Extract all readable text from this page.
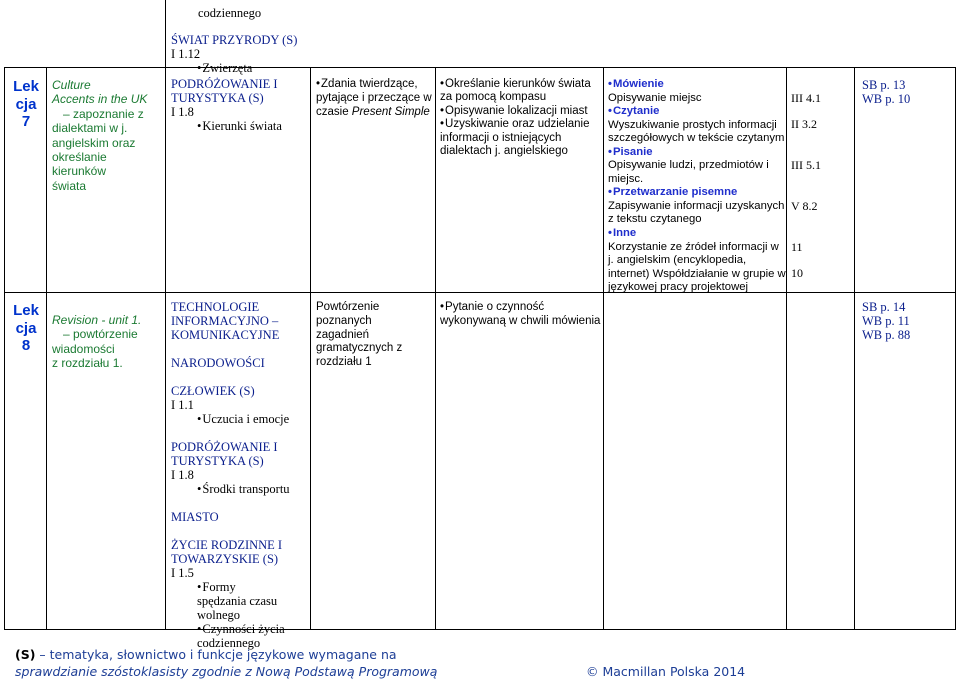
codziennego
ŚWIAT PRZYRODY (S)
I 1.12
• Zwierzęta
Lek
cja
7
Culture
Accents in the UK
– zapoznanie z
dialektami w j.
angielskim oraz
określanie kierunków
świata
PODRÓŻOWANIE I TURYSTYKA (S)
I 1.8
• Kierunki świata
• Zdania twierdzące,
pytające i przeczące w
czasie Present Simple
• Określanie kierunków świata za pomocą kompasu
• Opisywanie lokalizacji miast
• Uzyskiwanie oraz udzielanie informacji o istniejących dialektach j. angielskiego
• Mówienie
Opisywanie miejsc
• Czytanie
Wyszukiwanie prostych informacji szczegółowych w tekście czytanym
• Pisanie
Opisywanie ludzi, przedmiotów i miejsc.
• Przetwarzanie pisemne
Zapisywanie informacji uzyskanych z tekstu czytanego
• Inne
Korzystanie ze źródeł informacji w j. angielskim (encyklopedia, internet) Współdziałanie w grupie w językowej pracy projektowej
III 4.1
II 3.2
III 5.1
V 8.2
11
10
SB p. 13
WB p. 10
Lek
cja
8
Revision - unit 1.
– powtórzenie
wiadomości
z rozdziału 1.
TECHNOLOGIE INFORMACYJNO – KOMUNIKACYJNE
NARODOWOŚCI
CZŁOWIEK (S)
I 1.1
• Uczucia i emocje
PODRÓŻOWANIE I TURYSTYKA (S)
I 1.8
• Środki transportu
MIASTO
ŻYCIE RODZINNE I TOWARZYSKIE (S)
I 1.5
• Formy spędzania czasu wolnego
• Czynności życia codziennego
Powtórzenie poznanych
zagadnień
gramatycznych z
rozdziału 1
• Pytanie o czynność wykonywaną w chwili mówienia
SB p. 14
WB p. 11
WB p. 88
(S) – tematyka, słownictwo i funkcje językowe wymagane na
sprawdzianie szóstoklasisty zgodnie z Nową Podstawą Programową	© Macmillan Polska 2014
